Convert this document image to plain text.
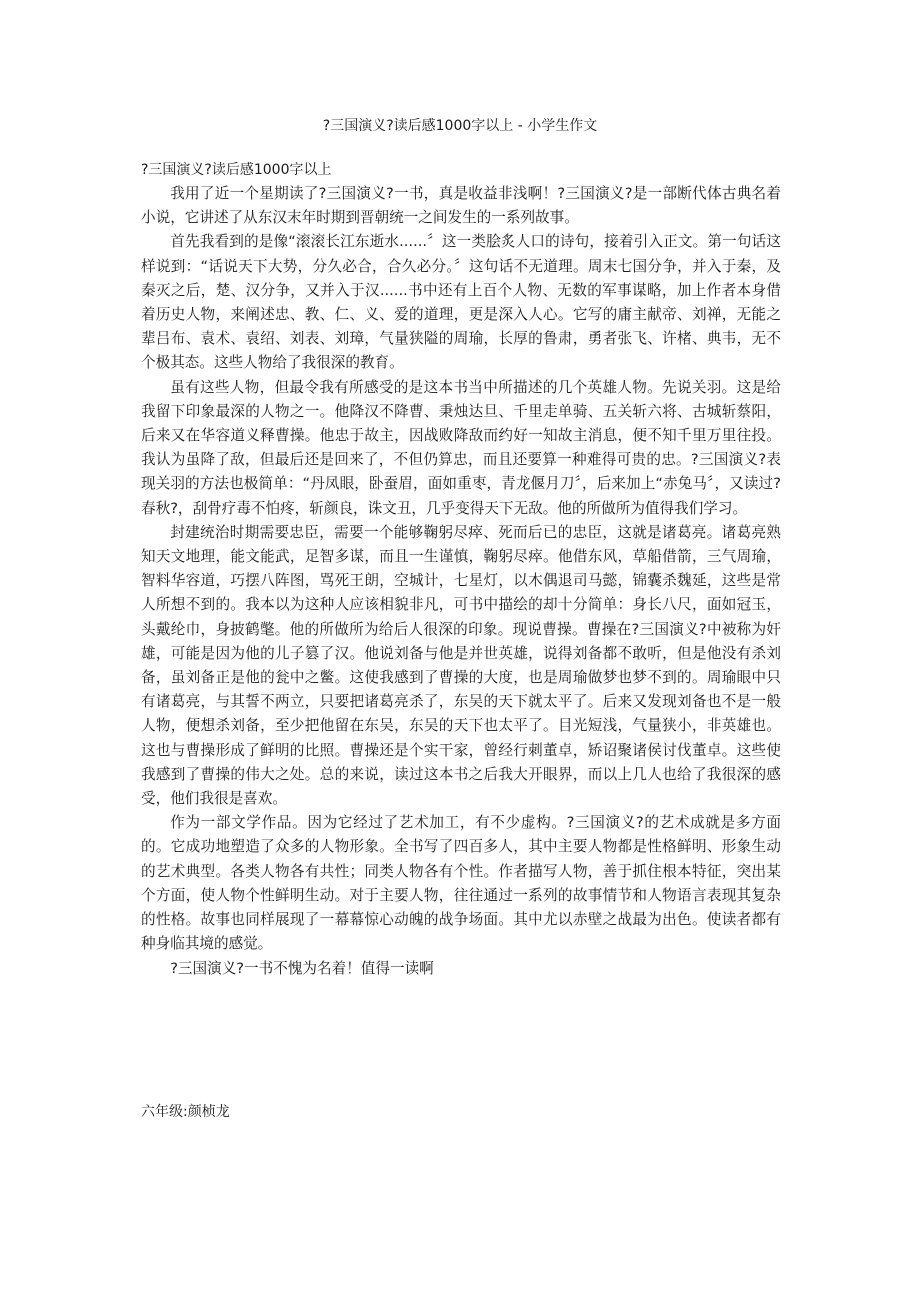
?三国演义?读后感1000字以上 - 小学生作文

?三国演义?读后感1000字以上

我用了近一个星期读了?三国演义?一书，真是收益非浅啊！?三国演义?是一部断代体古典名着小说，它讲述了从东汉末年时期到晋朝统一之间发生的一系列故事。

首先我看到的是像“滚滚长江东逝水......〞这一类脍炙人口的诗句，接着引入正文。第一句话这样说到：“话说天下大势，分久必合，合久必分。〞这句话不无道理。周末七国分争，并入于秦，及秦灭之后，楚、汉分争，又并入于汉......书中还有上百个人物、无数的军事谋略，加上作者本身借着历史人物，来阐述忠、教、仁、义、爱的道理，更是深入人心。它写的庸主献帝、刘禅，无能之辈吕布、袁术、袁绍、刘表、刘璋，气量狭隘的周瑜，长厚的鲁肃，勇者张飞、许楮、典韦，无不个极其态。这些人物给了我很深的教育。

虽有这些人物，但最令我有所感受的是这本书当中所描述的几个英雄人物。先说关羽。这是给我留下印象最深的人物之一。他降汉不降曹、秉烛达旦、千里走单骑、五关斩六将、古城斩蔡阳，后来又在华容道义释曹操。他忠于故主，因战败降敌而约好一知故主消息，便不知千里万里往投。我认为虽降了敌，但最后还是回来了，不但仍算忠，而且还要算一种难得可贵的忠。?三国演义?表现关羽的方法也极简单：“丹凤眼，卧蚕眉，面如重枣，青龙偃月刀〞，后来加上“赤兔马〞，又读过?春秋?，刮骨疗毒不怕疼，斩颜良，诛文丑，几乎变得天下无敌。他的所做所为值得我们学习。

封建统治时期需要忠臣，需要一个能够鞠躬尽瘁、死而后已的忠臣，这就是诸葛亮。诸葛亮熟知天文地理，能文能武，足智多谋，而且一生谨慎，鞠躬尽瘁。他借东风，草船借箭，三气周瑜，智料华容道，巧摆八阵图，骂死王朗，空城计，七星灯，以木偶退司马懿，锦囊杀魏延，这些是常人所想不到的。我本以为这种人应该相貌非凡，可书中描绘的却十分简单：身长八尺，面如冠玉，头戴纶巾，身披鹤氅。他的所做所为给后人很深的印象。现说曹操。曹操在?三国演义?中被称为奸雄，可能是因为他的儿子篡了汉。他说刘备与他是并世英雄，说得刘备都不敢听，但是他没有杀刘备，虽刘备正是他的瓮中之鳖。这使我感到了曹操的大度，也是周瑜做梦也梦不到的。周瑜眼中只有诸葛亮，与其誓不两立，只要把诸葛亮杀了，东吴的天下就太平了。后来又发现刘备也不是一般人物，便想杀刘备，至少把他留在东吴，东吴的天下也太平了。目光短浅，气量狭小，非英雄也。这也与曹操形成了鲜明的比照。曹操还是个实干家，曾经行刺董卓，矫诏聚诸侯讨伐董卓。这些使我感到了曹操的伟大之处。总的来说，读过这本书之后我大开眼界，而以上几人也给了我很深的感受，他们我很是喜欢。

作为一部文学作品。因为它经过了艺术加工，有不少虚构。?三国演义?的艺术成就是多方面的。它成功地塑造了众多的人物形象。全书写了四百多人，其中主要人物都是性格鲜明、形象生动的艺术典型。各类人物各有共性；同类人物各有个性。作者描写人物，善于抓住根本特征，突出某个方面，使人物个性鲜明生动。对于主要人物，往往通过一系列的故事情节和人物语言表现其复杂的性格。故事也同样展现了一幕幕惊心动魄的战争场面。其中尤以赤壁之战最为出色。使读者都有种身临其境的感觉。

?三国演义?一书不愧为名着！值得一读啊

六年级:颜桢龙
